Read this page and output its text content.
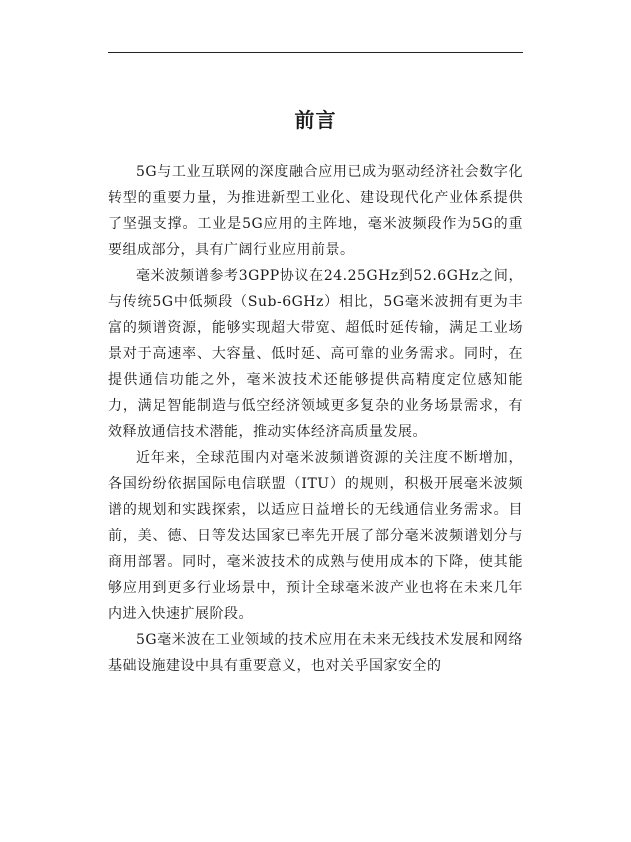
前言

5G与工业互联网的深度融合应用已成为驱动经济社会数字化转型的重要力量，为推进新型工业化、建设现代化产业体系提供了坚强支撑。工业是5G应用的主阵地，毫米波频段作为5G的重要组成部分，具有广阔行业应用前景。

毫米波频谱参考3GPP协议在24.25GHz到52.6GHz之间，与传统5G中低频段（Sub-6GHz）相比，5G毫米波拥有更为丰富的频谱资源，能够实现超大带宽、超低时延传输，满足工业场景对于高速率、大容量、低时延、高可靠的业务需求。同时，在提供通信功能之外，毫米波技术还能够提供高精度定位感知能力，满足智能制造与低空经济领域更多复杂的业务场景需求，有效释放通信技术潜能，推动实体经济高质量发展。

近年来，全球范围内对毫米波频谱资源的关注度不断增加，各国纷纷依据国际电信联盟（ITU）的规则，积极开展毫米波频谱的规划和实践探索，以适应日益增长的无线通信业务需求。目前，美、德、日等发达国家已率先开展了部分毫米波频谱划分与商用部署。同时，毫米波技术的成熟与使用成本的下降，使其能够应用到更多行业场景中，预计全球毫米波产业也将在未来几年内进入快速扩展阶段。

5G毫米波在工业领域的技术应用在未来无线技术发展和网络基础设施建设中具有重要意义，也对关乎国家安全的
